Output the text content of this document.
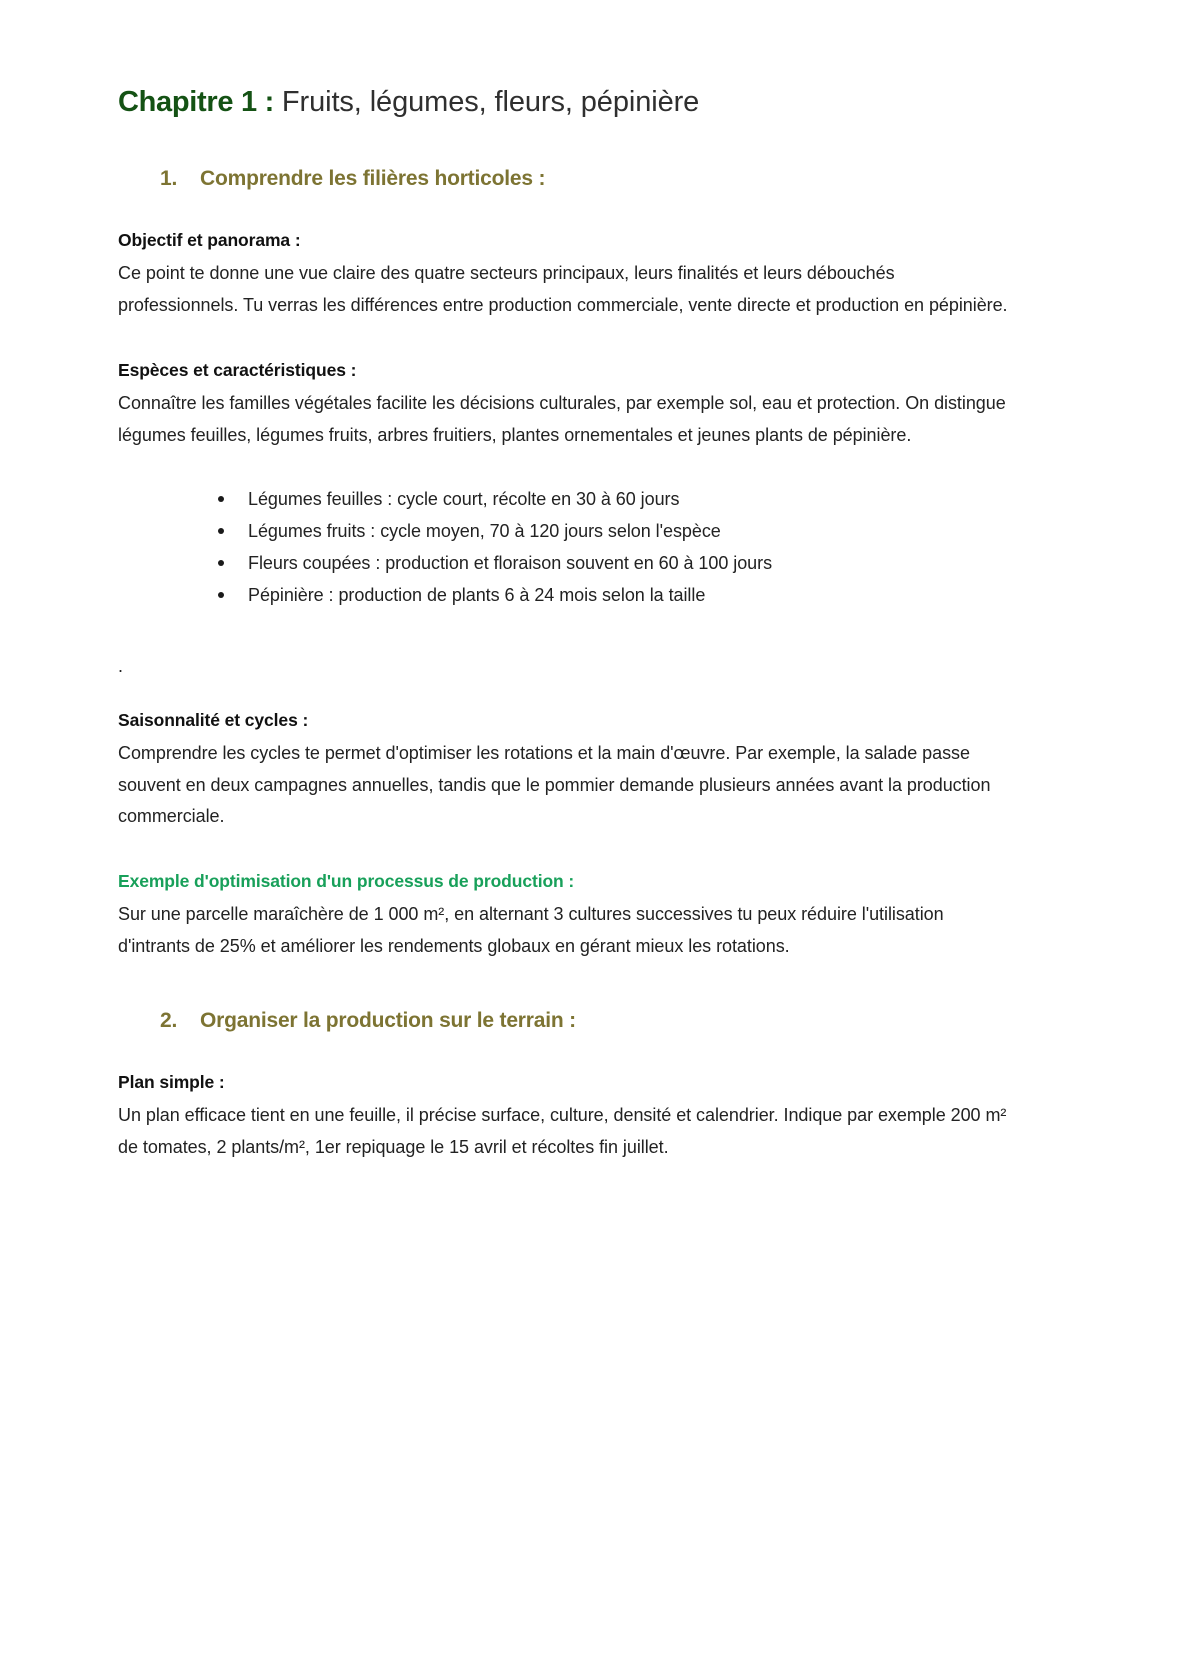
Chapitre 1 : Fruits, légumes, fleurs, pépinière
1.	Comprendre les filières horticoles :

Objectif et panorama :

Ce point te donne une vue claire des quatre secteurs principaux, leurs finalités et leurs débouchés professionnels. Tu verras les différences entre production commerciale, vente directe et production en pépinière.

Espèces et caractéristiques :

Connaître les familles végétales facilite les décisions culturales, par exemple sol, eau et protection. On distingue légumes feuilles, légumes fruits, arbres fruitiers, plantes ornementales et jeunes plants de pépinière.

Légumes feuilles : cycle court, récolte en 30 à 60 jours
Légumes fruits : cycle moyen, 70 à 120 jours selon l'espèce
Fleurs coupées : production et floraison souvent en 60 à 100 jours
Pépinière : production de plants 6 à 24 mois selon la taille

.

Saisonnalité et cycles :

Comprendre les cycles te permet d'optimiser les rotations et la main d'œuvre. Par exemple, la salade passe souvent en deux campagnes annuelles, tandis que le pommier demande plusieurs années avant la production commerciale.

Exemple d'optimisation d'un processus de production :

Sur une parcelle maraîchère de 1 000 m², en alternant 3 cultures successives tu peux réduire l'utilisation d'intrants de 25% et améliorer les rendements globaux en gérant mieux les rotations.

2.	Organiser la production sur le terrain :

Plan simple :

Un plan efficace tient en une feuille, il précise surface, culture, densité et calendrier. Indique par exemple 200 m² de tomates, 2 plants/m², 1er repiquage le 15 avril et récoltes fin juillet.
